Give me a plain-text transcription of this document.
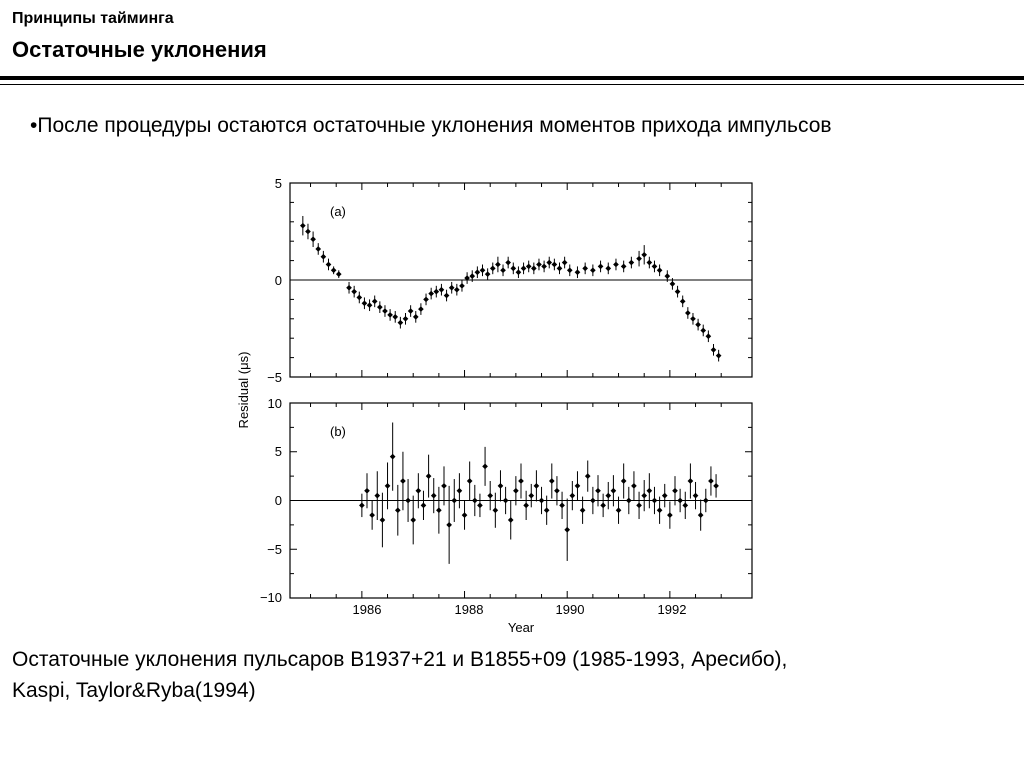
Принципы тайминга
Остаточные уклонения
•После процедуры остаются остаточные уклонения моментов прихода импульсов
(a)
(b)
5
0
−5
10
5
0
−5
−10
1986	1988	1990	1992
Year
Residual (μs)
Остаточные уклонения пульсаров B1937+21 и B1855+09 (1985-1993, Аресибо),
Kaspi, Taylor&Ryba(1994)
